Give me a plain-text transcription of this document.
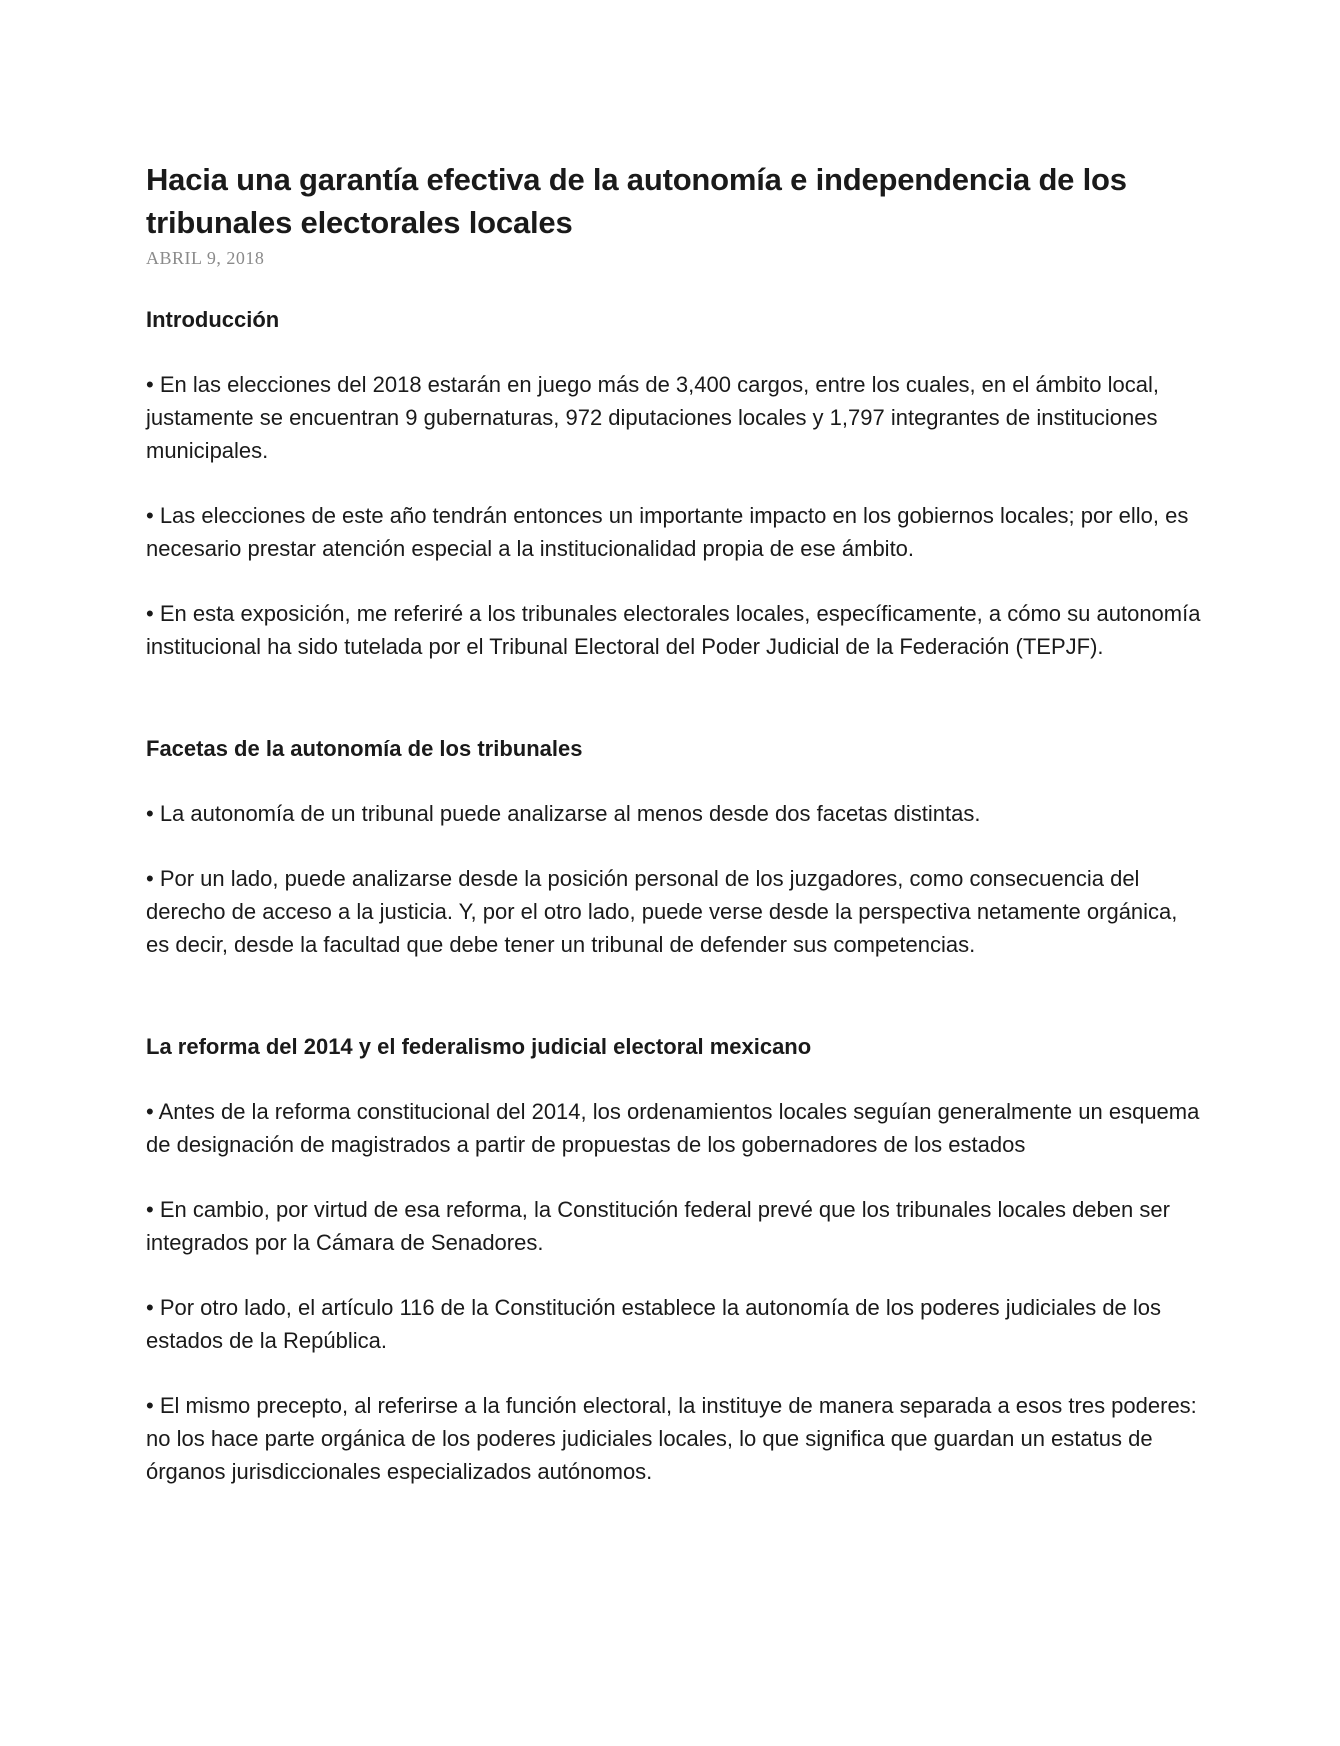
Hacia una garantía efectiva de la autonomía e independencia de los tribunales electorales locales
ABRIL 9, 2018
Introducción

• En las elecciones del 2018 estarán en juego más de 3,400 cargos, entre los cuales, en el ámbito local, justamente se encuentran 9 gubernaturas, 972 diputaciones locales y 1,797 integrantes de instituciones municipales.

• Las elecciones de este año tendrán entonces un importante impacto en los gobiernos locales; por ello, es necesario prestar atención especial a la institucionalidad propia de ese ámbito.

• En esta exposición, me referiré a los tribunales electorales locales, específicamente, a cómo su autonomía institucional ha sido tutelada por el Tribunal Electoral del Poder Judicial de la Federación (TEPJF).

Facetas de la autonomía de los tribunales

• La autonomía de un tribunal puede analizarse al menos desde dos facetas distintas.

• Por un lado, puede analizarse desde la posición personal de los juzgadores, como consecuencia del derecho de acceso a la justicia. Y, por el otro lado, puede verse desde la perspectiva netamente orgánica, es decir, desde la facultad que debe tener un tribunal de defender sus competencias.

La reforma del 2014 y el federalismo judicial electoral mexicano

• Antes de la reforma constitucional del 2014, los ordenamientos locales seguían generalmente un esquema de designación de magistrados a partir de propuestas de los gobernadores de los estados

• En cambio, por virtud de esa reforma, la Constitución federal prevé que los tribunales locales deben ser integrados por la Cámara de Senadores.

• Por otro lado, el artículo 116 de la Constitución establece la autonomía de los poderes judiciales de los estados de la República.

• El mismo precepto, al referirse a la función electoral, la instituye de manera separada a esos tres poderes: no los hace parte orgánica de los poderes judiciales locales, lo que significa que guardan un estatus de órganos jurisdiccionales especializados autónomos.
